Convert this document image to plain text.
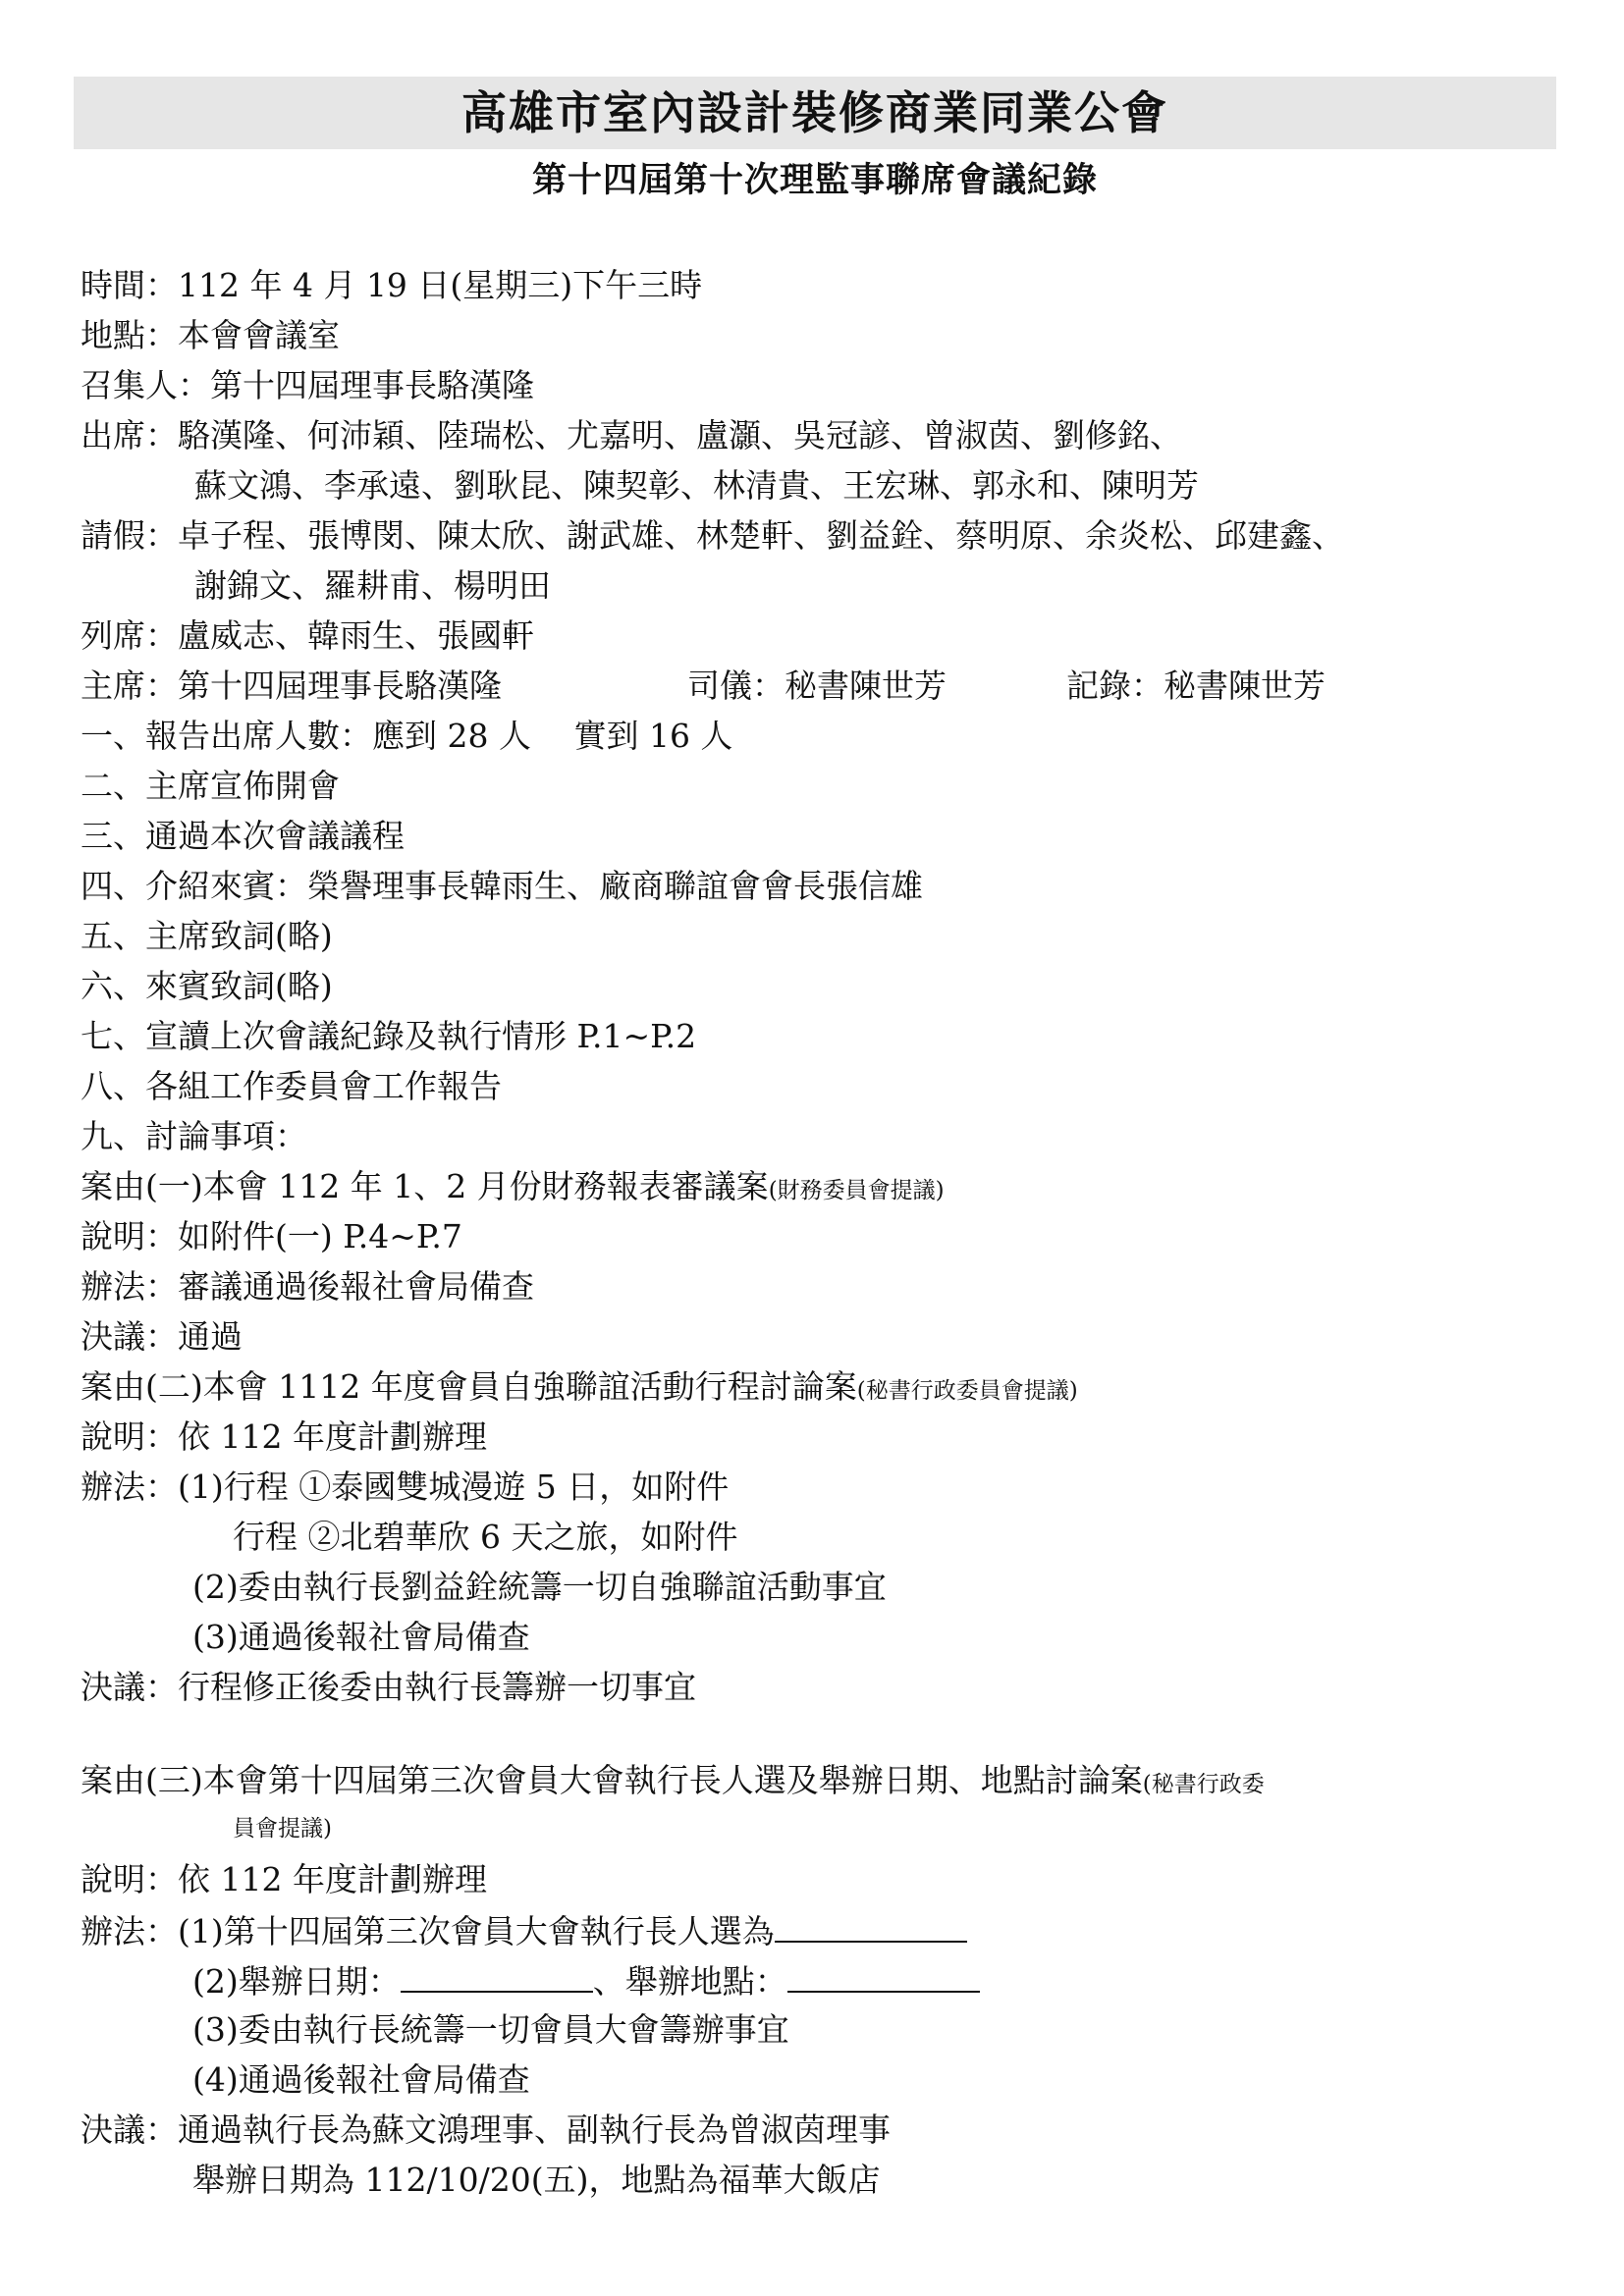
高雄市室內設計裝修商業同業公會
第十四屆第十次理監事聯席會議紀錄
時間：112 年 4 月 19 日(星期三)下午三時
地點：本會會議室
召集人：第十四屆理事長駱漢隆
出席：駱漢隆、何沛穎、陸瑞松、尤嘉明、盧灝、吳冠諺、曾淑茵、劉修銘、
蘇文鴻、李承遠、劉耿昆、陳契彰、林清貴、王宏琳、郭永和、陳明芳
請假：卓子程、張博閔、陳太欣、謝武雄、林楚軒、劉益銓、蔡明原、余炎松、邱建鑫、
謝錦文、羅耕甫、楊明田
列席：盧威志、韓雨生、張國軒
主席：第十四屆理事長駱漢隆	司儀：秘書陳世芳	記錄：秘書陳世芳
一、報告出席人數：應到 28 人　 實到 16 人
二、主席宣佈開會
三、通過本次會議議程
四、介紹來賓：榮譽理事長韓雨生、廠商聯誼會會長張信雄
五、主席致詞(略)
六、來賓致詞(略)
七、宣讀上次會議紀錄及執行情形 P.1~P.2
八、各組工作委員會工作報告
九、討論事項：
案由(一)本會 112 年 1、2 月份財務報表審議案(財務委員會提議)
說明：如附件(一) P.4~P.7
辦法：審議通過後報社會局備查
決議：通過
案由(二)本會 1112 年度會員自強聯誼活動行程討論案(秘書行政委員會提議)
說明：依 112 年度計劃辦理
辦法：(1)行程 ①泰國雙城漫遊 5 日，如附件
行程 ②北碧華欣 6 天之旅，如附件
(2)委由執行長劉益銓統籌一切自強聯誼活動事宜
(3)通過後報社會局備查
決議：行程修正後委由執行長籌辦一切事宜
案由(三)本會第十四屆第三次會員大會執行長人選及舉辦日期、地點討論案(秘書行政委
員會提議)
說明：依 112 年度計劃辦理
辦法：(1)第十四屆第三次會員大會執行長人選為
(2)舉辦日期：	、舉辦地點：
(3)委由執行長統籌一切會員大會籌辦事宜
(4)通過後報社會局備查
決議：通過執行長為蘇文鴻理事、副執行長為曾淑茵理事
舉辦日期為 112/10/20(五)，地點為福華大飯店
